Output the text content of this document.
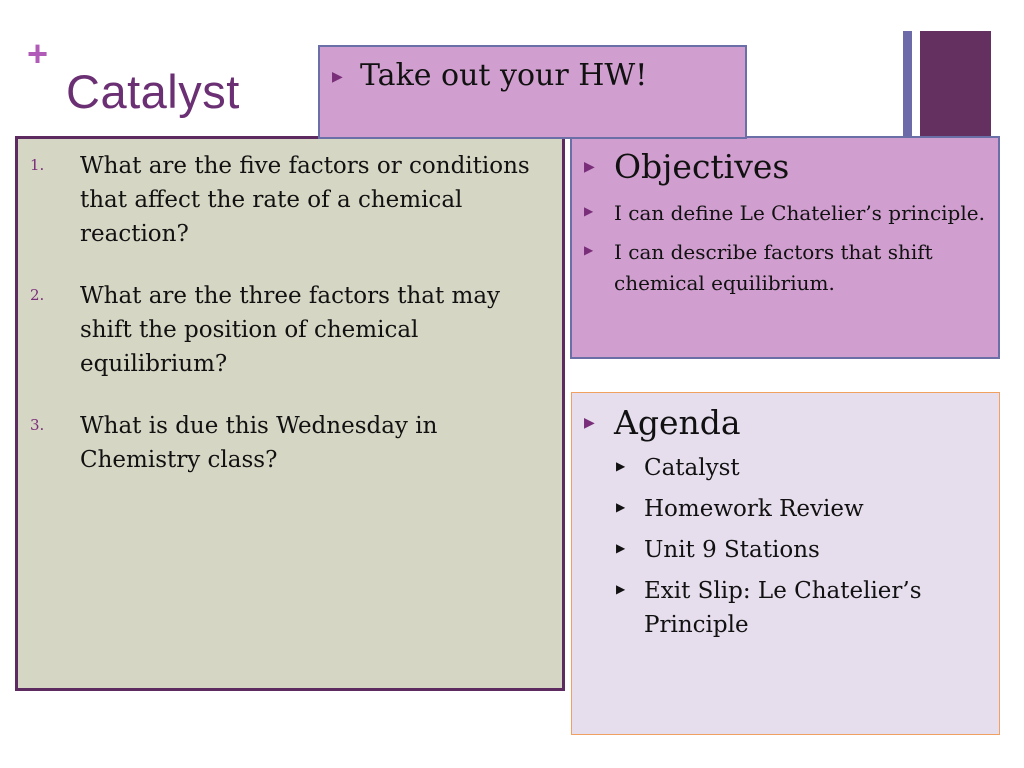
+
Catalyst	▶ Take out your HW!
1. What are the five factors or conditions that affect the rate of a chemical reaction?
2. What are the three factors that may shift the position of chemical equilibrium?
3. What is due this Wednesday in Chemistry class?
▶ Objectives
▶	I can define Le Chatelier’s principle.
▶	I can describe factors that shift chemical equilibrium.
▶ Agenda
▶ Catalyst
▶ Homework Review
▶ Unit 9 Stations
▶ Exit Slip: Le Chatelier’s Principle
